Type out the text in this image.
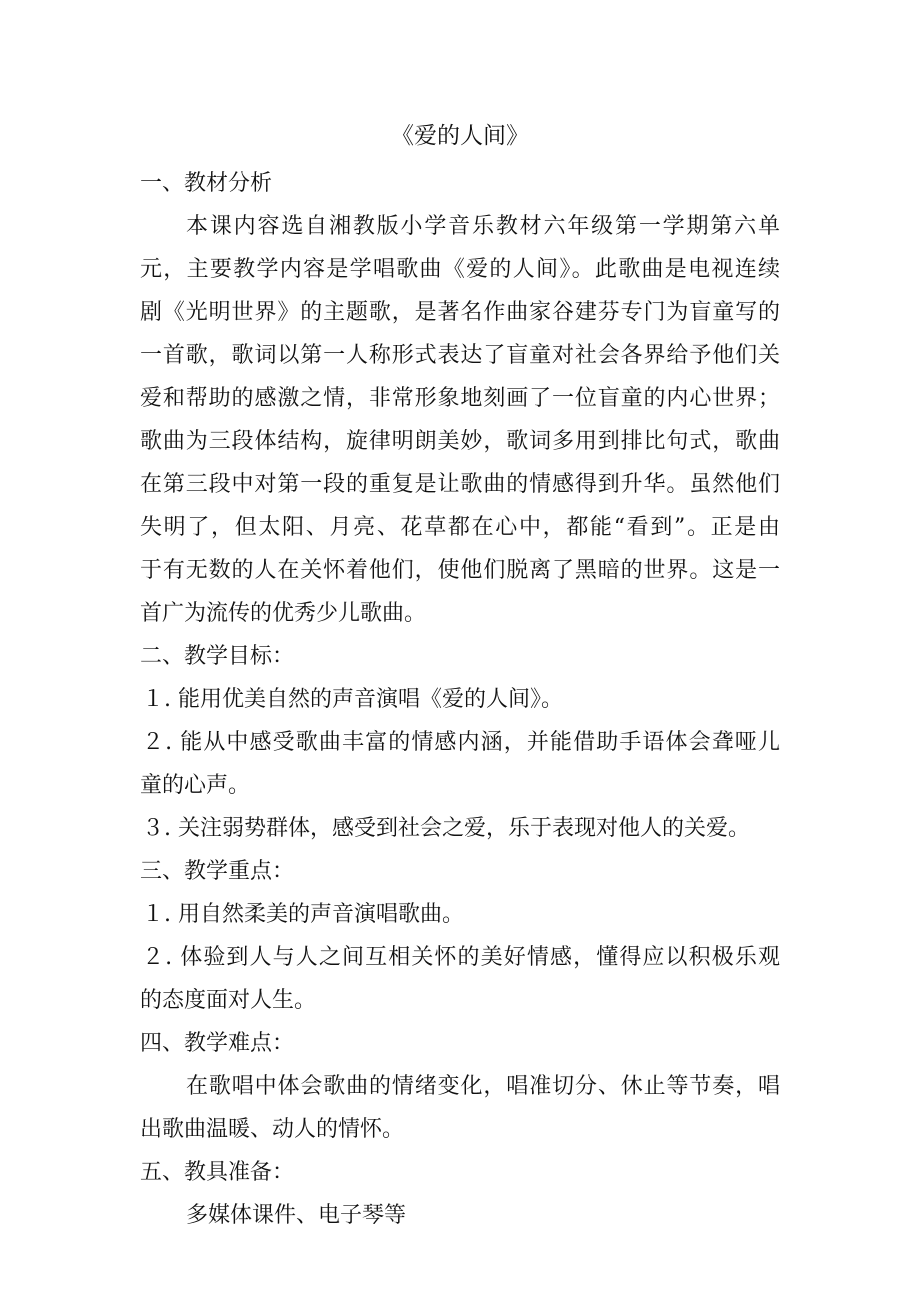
《爱的人间》
一、教材分析
本课内容选自湘教版小学音乐教材六年级第一学期第六单
元，主要教学内容是学唱歌曲《爱的人间》。此歌曲是电视连续
剧《光明世界》的主题歌，是著名作曲家谷建芬专门为盲童写的
一首歌，歌词以第一人称形式表达了盲童对社会各界给予他们关
爱和帮助的感激之情，非常形象地刻画了一位盲童的内心世界；
歌曲为三段体结构，旋律明朗美妙，歌词多用到排比句式，歌曲
在第三段中对第一段的重复是让歌曲的情感得到升华。虽然他们
失明了，但太阳、月亮、花草都在心中，都能“看到”。正是由
于有无数的人在关怀着他们，使他们脱离了黑暗的世界。这是一
首广为流传的优秀少儿歌曲。
二、教学目标：
１. 能用优美自然的声音演唱《爱的人间》。
２. 能从中感受歌曲丰富的情感内涵，并能借助手语体会聋哑儿
童的心声。
３. 关注弱势群体，感受到社会之爱，乐于表现对他人的关爱。
三、教学重点：
１. 用自然柔美的声音演唱歌曲。
２. 体验到人与人之间互相关怀的美好情感，懂得应以积极乐观
的态度面对人生。
四、教学难点：
在歌唱中体会歌曲的情绪变化，唱准切分、休止等节奏，唱
出歌曲温暖、动人的情怀。
五、教具准备：
多媒体课件、电子琴等
